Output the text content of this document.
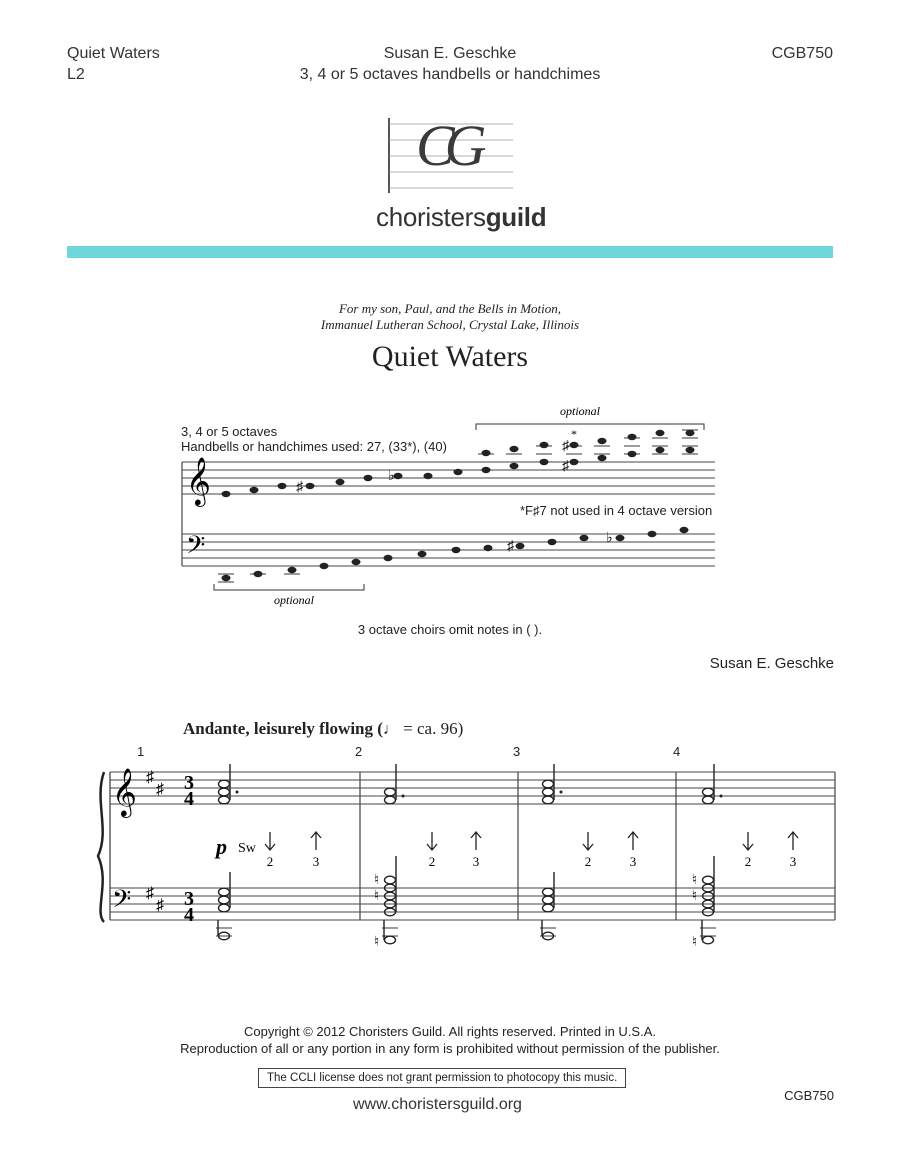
Quiet Waters
L2
Susan E. Geschke
3, 4 or 5 octaves handbells or handchimes
CGB750
CG
choristersguild
For my son, Paul, and the Bells in Motion,
Immanuel Lutheran School, Crystal Lake, Illinois
Quiet Waters
3, 4 or 5 octaves
Handbells or handchimes used: 27, (33*), (40)
*F♯7 not used in 4 octave version
optional
𝄞	♯
♭
♯
♯
*
𝄢	♯
♭
optional
3 octave choirs omit notes in ( ).
Susan E. Geschke
Andante, leisurely flowing (♩ = ca. 96)
1	2	3	4
𝄞
𝄢
♯
♯
♯
♯
3
4
3
4
p Sw
2	3	2	3	2	3	2	3
♮
♮
♮
♮
♮
♮
Copyright © 2012 Choristers Guild. All rights reserved. Printed in U.S.A.
Reproduction of all or any portion in any form is prohibited without permission of the publisher.
The CCLI license does not grant permission to photocopy this music.
www.choristersguild.org
CGB750
